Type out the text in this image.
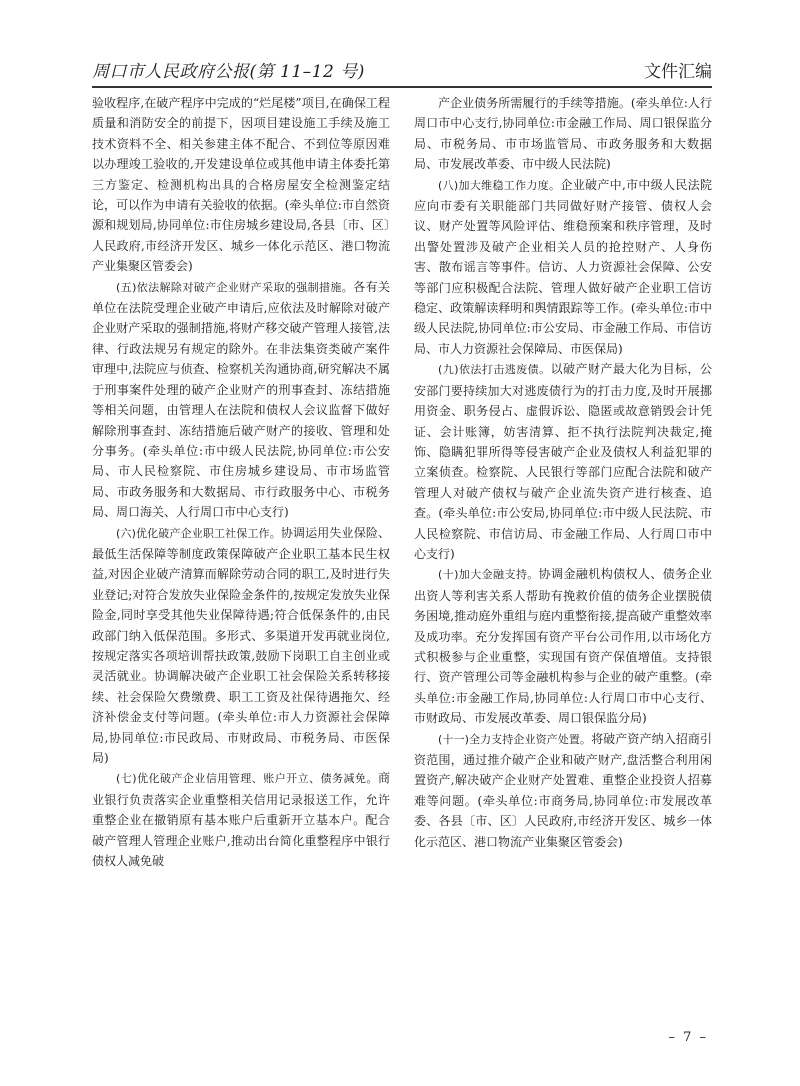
周口市人民政府公报(第 11–12 号)	文件汇编

验收程序,在破产程序中完成的“烂尾楼”项目,在确保工程质量和消防安全的前提下，因项目建设施工手续及施工技术资料不全、相关参建主体不配合、不到位等原因难以办理竣工验收的,开发建设单位或其他申请主体委托第三方鉴定、检测机构出具的合格房屋安全检测鉴定结论，可以作为申请有关验收的依据。(牵头单位:市自然资源和规划局,协同单位:市住房城乡建设局,各县〔市、区〕人民政府,市经济开发区、城乡一体化示范区、港口物流产业集聚区管委会)

(五)依法解除对破产企业财产采取的强制措施。各有关单位在法院受理企业破产申请后,应依法及时解除对破产企业财产采取的强制措施,将财产移交破产管理人接管,法律、行政法规另有规定的除外。在非法集资类破产案件审理中,法院应与侦查、检察机关沟通协商,研究解决不属于刑事案件处理的破产企业财产的刑事查封、冻结措施等相关问题，由管理人在法院和债权人会议监督下做好解除刑事查封、冻结措施后破产财产的接收、管理和处分事务。(牵头单位:市中级人民法院,协同单位:市公安局、市人民检察院、市住房城乡建设局、市市场监管局、市政务服务和大数据局、市行政服务中心、市税务局、周口海关、人行周口市中心支行)

(六)优化破产企业职工社保工作。协调运用失业保险、最低生活保障等制度政策保障破产企业职工基本民生权益,对因企业破产清算而解除劳动合同的职工,及时进行失业登记;对符合发放失业保险金条件的,按规定发放失业保险金,同时享受其他失业保障待遇;符合低保条件的,由民政部门纳入低保范围。多形式、多渠道开发再就业岗位,按规定落实各项培训帮扶政策,鼓励下岗职工自主创业或灵活就业。协调解决破产企业职工社会保险关系转移接续、社会保险欠费缴费、职工工资及社保待遇拖欠、经济补偿金支付等问题。(牵头单位:市人力资源社会保障局,协同单位:市民政局、市财政局、市税务局、市医保局)

(七)优化破产企业信用管理、账户开立、债务减免。商业银行负责落实企业重整相关信用记录报送工作，允许重整企业在撤销原有基本账户后重新开立基本户。配合破产管理人管理企业账户,推动出台简化重整程序中银行债权人减免破

产企业债务所需履行的手续等措施。(牵头单位:人行周口市中心支行,协同单位:市金融工作局、周口银保监分局、市税务局、市市场监管局、市政务服务和大数据局、市发展改革委、市中级人民法院)

(八)加大维稳工作力度。企业破产中,市中级人民法院应向市委有关职能部门共同做好财产接管、债权人会议、财产处置等风险评估、维稳预案和秩序管理，及时出警处置涉及破产企业相关人员的抢控财产、人身伤害、散布谣言等事件。信访、人力资源社会保障、公安等部门应积极配合法院、管理人做好破产企业职工信访稳定、政策解读释明和舆情跟踪等工作。(牵头单位:市中级人民法院,协同单位:市公安局、市金融工作局、市信访局、市人力资源社会保障局、市医保局)

(九)依法打击逃废债。以破产财产最大化为目标，公安部门要持续加大对逃废债行为的打击力度,及时开展挪用资金、职务侵占、虚假诉讼、隐匿或故意销毁会计凭证、会计账簿，妨害清算、拒不执行法院判决裁定,掩饰、隐瞒犯罪所得等侵害破产企业及债权人利益犯罪的立案侦查。检察院、人民银行等部门应配合法院和破产管理人对破产债权与破产企业流失资产进行核查、追查。(牵头单位:市公安局,协同单位:市中级人民法院、市人民检察院、市信访局、市金融工作局、人行周口市中心支行)

(十)加大金融支持。协调金融机构债权人、债务企业出资人等利害关系人帮助有挽救价值的债务企业摆脱债务困境,推动庭外重组与庭内重整衔接,提高破产重整效率及成功率。充分发挥国有资产平台公司作用,以市场化方式积极参与企业重整，实现国有资产保值增值。支持银行、资产管理公司等金融机构参与企业的破产重整。(牵头单位:市金融工作局,协同单位:人行周口市中心支行、市财政局、市发展改革委、周口银保监分局)

(十一)全力支持企业资产处置。将破产资产纳入招商引资范围，通过推介破产企业和破产财产,盘活整合利用闲置资产,解决破产企业财产处置难、重整企业投资人招募难等问题。(牵头单位:市商务局,协同单位:市发展改革委、各县〔市、区〕人民政府,市经济开发区、城乡一体化示范区、港口物流产业集聚区管委会)

– 7 –
